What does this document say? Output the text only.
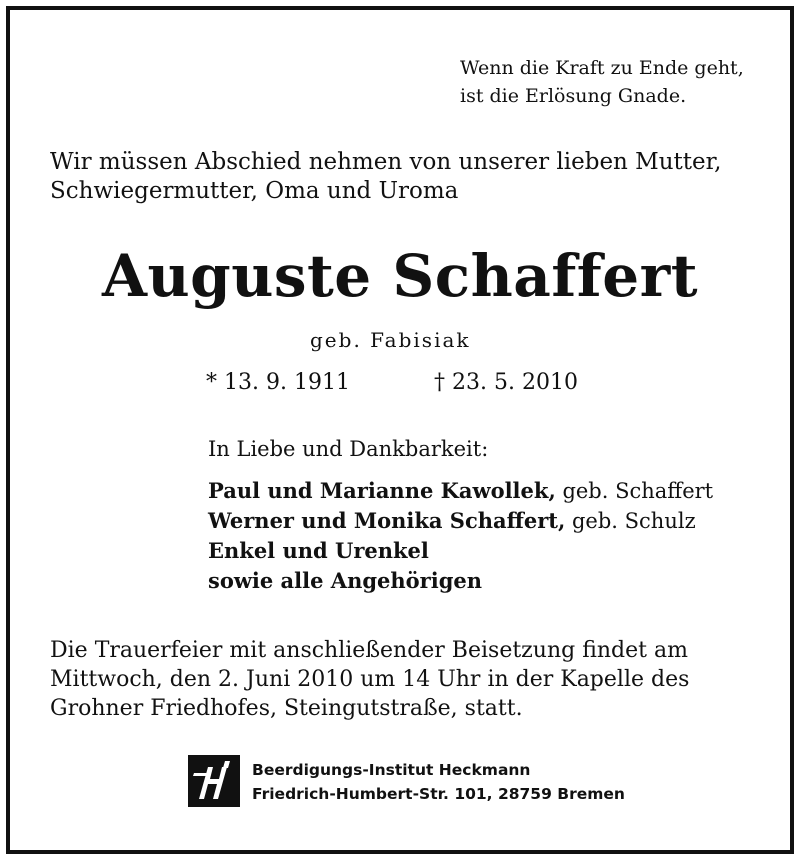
Wenn die Kraft zu Ende geht,
ist die Erlösung Gnade.
Wir müssen Abschied nehmen von unserer lieben Mutter,
Schwiegermutter, Oma und Uroma
Auguste Schaffert
geb. Fabisiak
* 13. 9. 1911	† 23. 5. 2010
In Liebe und Dankbarkeit:
Paul und Marianne Kawollek, geb. Schaffert
Werner und Monika Schaffert, geb. Schulz
Enkel und Urenkel
sowie alle Angehörigen
Die Trauerfeier mit anschließender Beisetzung findet am
Mittwoch, den 2. Juni 2010 um 14 Uhr in der Kapelle des
Grohner Friedhofes, Steingutstraße, statt.
Beerdigungs-Institut Heckmann
Friedrich-Humbert-Str. 101, 28759 Bremen
